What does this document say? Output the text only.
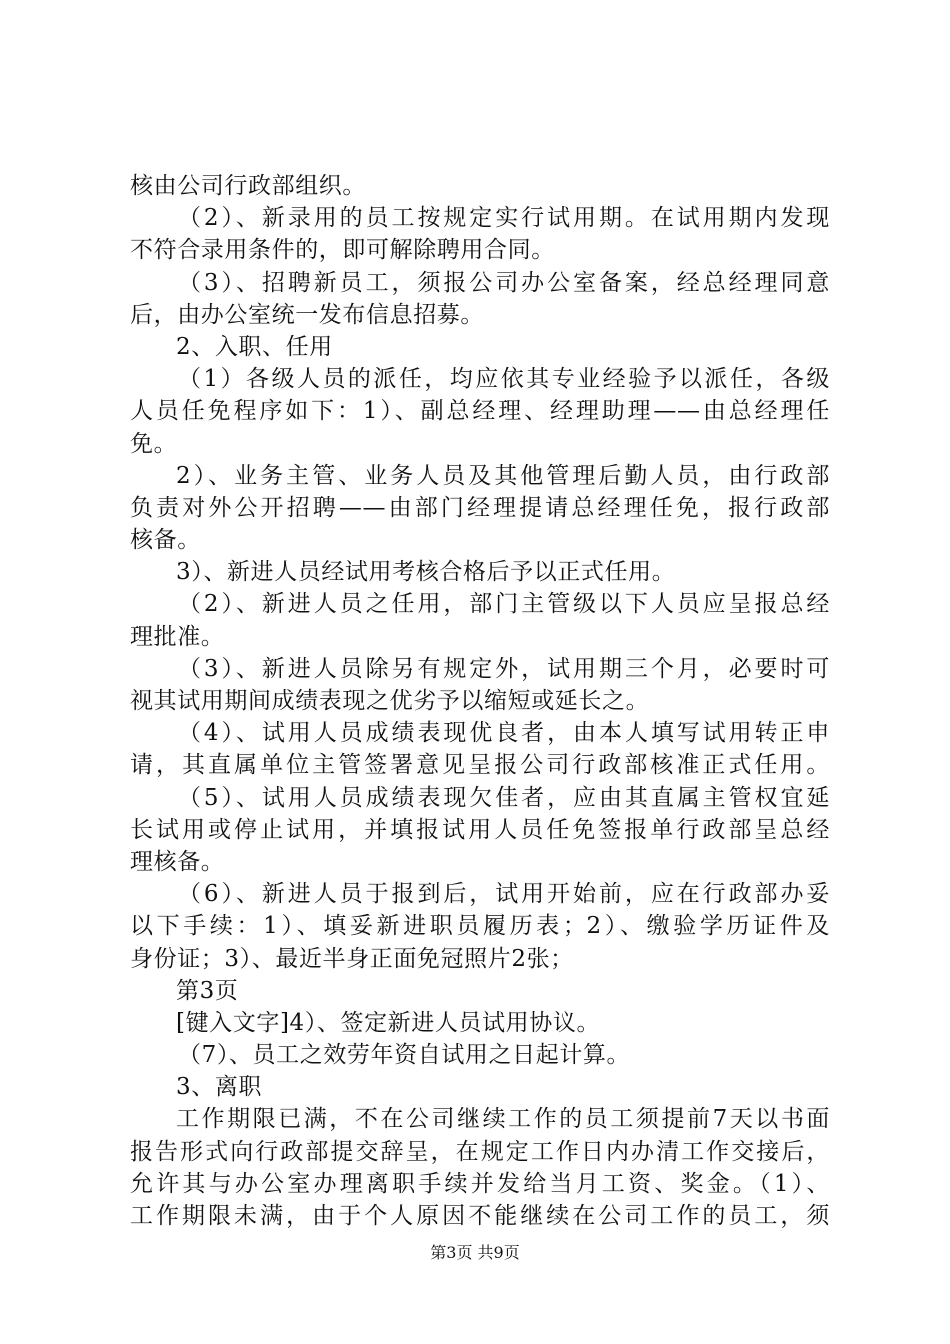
核由公司行政部组织。
（2）、新录用的员工按规定实行试用期。在试用期内发现
不符合录用条件的，即可解除聘用合同。
（3）、招聘新员工，须报公司办公室备案，经总经理同意
后，由办公室统一发布信息招募。
2、入职、任用
（1）各级人员的派任，均应依其专业经验予以派任，各级
人员任免程序如下：1）、副总经理、经理助理——由总经理任
免。
2）、业务主管、业务人员及其他管理后勤人员，由行政部
负责对外公开招聘——由部门经理提请总经理任免，报行政部
核备。
3）、新进人员经试用考核合格后予以正式任用。
（2）、新进人员之任用，部门主管级以下人员应呈报总经
理批准。
（3）、新进人员除另有规定外，试用期三个月，必要时可
视其试用期间成绩表现之优劣予以缩短或延长之。
（4）、试用人员成绩表现优良者，由本人填写试用转正申
请，其直属单位主管签署意见呈报公司行政部核准正式任用。
（5）、试用人员成绩表现欠佳者，应由其直属主管权宜延
长试用或停止试用，并填报试用人员任免签报单行政部呈总经
理核备。
（6）、新进人员于报到后，试用开始前，应在行政部办妥
以下手续：1）、填妥新进职员履历表；2）、缴验学历证件及
身份证；3）、最近半身正面免冠照片2张；
第3页
[键入文字]4）、签定新进人员试用协议。
（7）、员工之效劳年资自试用之日起计算。
3、离职
工作期限已满，不在公司继续工作的员工须提前7天以书面
报告形式向行政部提交辞呈，在规定工作日内办清工作交接后，
允许其与办公室办理离职手续并发给当月工资、奖金。（1）、
工作期限未满，由于个人原因不能继续在公司工作的员工，须
第3页 共9页
